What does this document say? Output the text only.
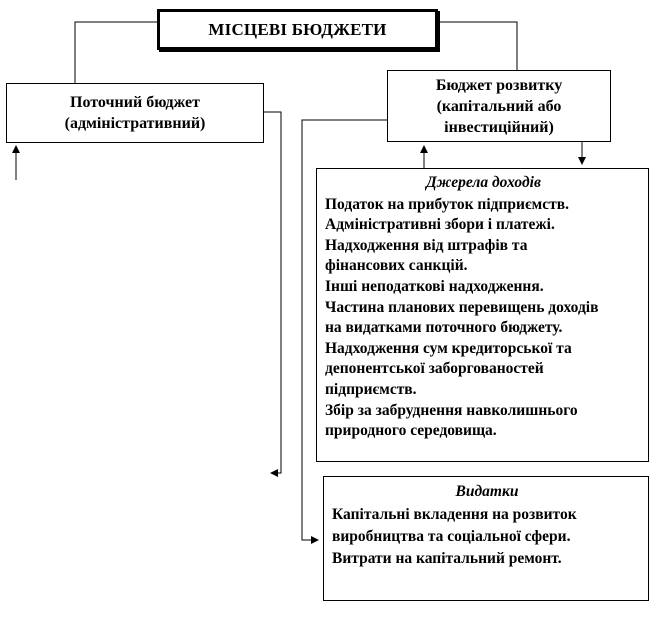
МІСЦЕВІ БЮДЖЕТИ
Поточний бюджет
(адміністративний)
Бюджет розвитку
(капітальний або
інвестиційний)
Джерела доходів
Податок на прибуток підприємств.
Адміністративні збори і платежі.
Надходження від штрафів та
фінансових санкцій.
Інші неподаткові надходження.
Частина планових перевищень доходів
на видатками поточного бюджету.
Надходження сум кредиторської та
депонентської заборгованостей
підприємств.
Збір за забруднення навколишнього
природного середовища.
Видатки
Капітальні вкладення на розвиток
виробництва та соціальної сфери.
Витрати на капітальний ремонт.
